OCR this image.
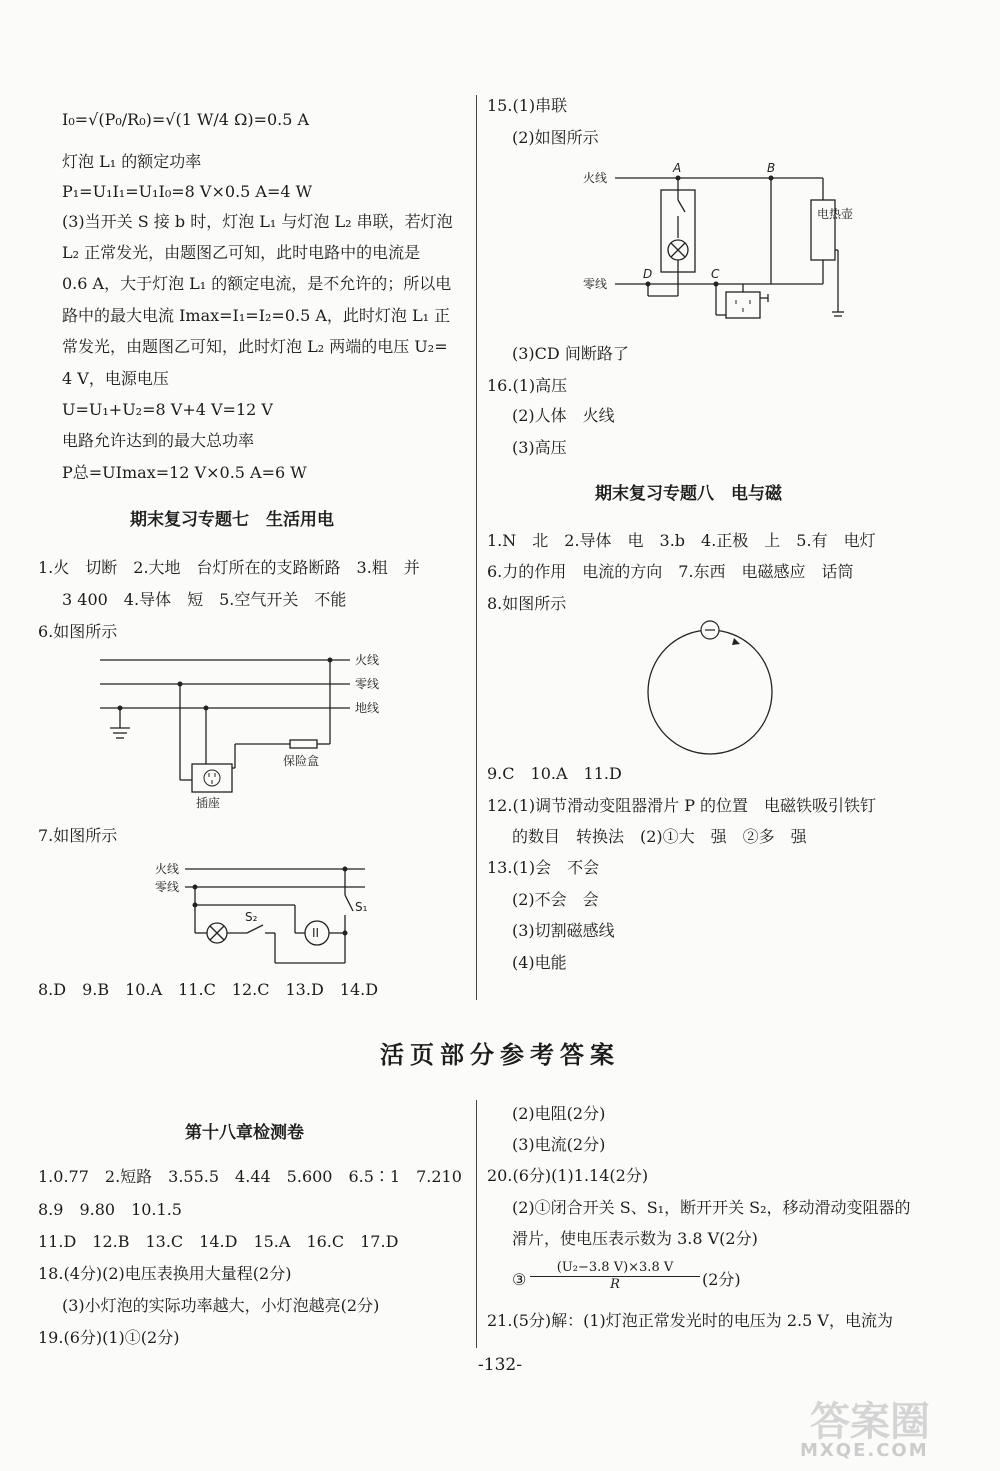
I₀=√(P₀/R₀)=√(1 W/4 Ω)=0.5 A
灯泡 L₁ 的额定功率
P₁=U₁I₁=U₁I₀=8 V×0.5 A=4 W
(3)当开关 S 接 b 时，灯泡 L₁ 与灯泡 L₂ 串联，若灯泡
L₂ 正常发光，由题图乙可知，此时电路中的电流是
0.6 A，大于灯泡 L₁ 的额定电流，是不允许的；所以电
路中的最大电流 Imax=I₁=I₂=0.5 A，此时灯泡 L₁ 正
常发光，由题图乙可知，此时灯泡 L₂ 两端的电压 U₂=
4 V，电源电压
U=U₁+U₂=8 V+4 V=12 V
电路允许达到的最大总功率
P总=UImax=12 V×0.5 A=6 W
期末复习专题七　生活用电
1.火　切断　2.大地　台灯所在的支路断路　3.粗　并
3 400　4.导体　短　5.空气开关　不能
6.如图所示
火线
零线
地线
保险盒
插座
7.如图所示
II
火线
零线
S₂
S₁
8.D　9.B　10.A　11.C　12.C　13.D　14.D
15.(1)串联
(2)如图所示
火线
零线
A	B
D	C
电热壶
(3)CD 间断路了
16.(1)高压
(2)人体　火线
(3)高压
期末复习专题八　电与磁
1.N　北　2.导体　电　3.b　4.正极　上　5.有　电灯
6.力的作用　电流的方向　7.东西　电磁感应　话筒
8.如图所示
9.C　10.A　11.D
12.(1)调节滑动变阻器滑片 P 的位置　电磁铁吸引铁钉
的数目　转换法　(2)①大　强　②多　强
13.(1)会　不会
(2)不会　会
(3)切割磁感线
(4)电能
活页部分参考答案
第十八章检测卷
1.0.77　2.短路　3.55.5　4.44　5.600　6.5∶1　7.210
8.9　9.80　10.1.5
11.D　12.B　13.C　14.D　15.A　16.C　17.D
18.(4分)(2)电压表换用大量程(2分)
(3)小灯泡的实际功率越大，小灯泡越亮(2分)
19.(6分)(1)①(2分)
(2)电阻(2分)
(3)电流(2分)
20.(6分)(1)1.14(2分)
(2)①闭合开关 S、S₁，断开开关 S₂，移动滑动变阻器的
滑片，使电压表示数为 3.8 V(2分)
③ $\frac{\text{(U₂−3.8 V)×3.8 V}}{R} (2$分)
21.(5分)解：(1)灯泡正常发光时的电压为 2.5 V，电流为
-132-
答案圈
MXQE.COM
